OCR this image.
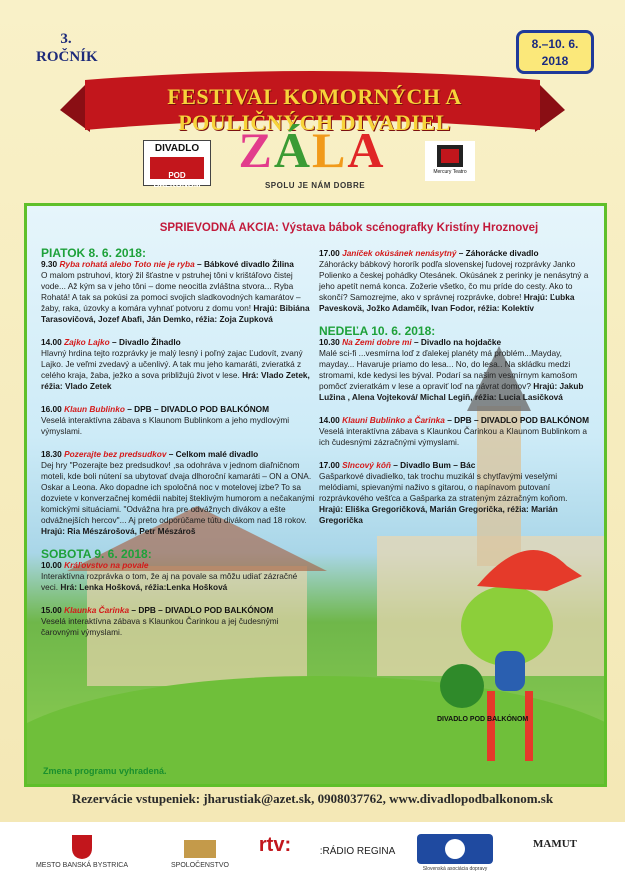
3. ROČNÍK
8.–10. 6.
2018
FESTIVAL KOMORNÝCH A POULIČNÝCH DIVADIEL
DIVADLO
POD BALKÓNOM
ZÁLA
SPOLU JE NÁM DOBRE
Mercury Teatro
DIVADLO POD BALKÓNOM
SPRIEVODNÁ AKCIA: Výstava bábok scénografky Kristíny Hroznovej
PIATOK 8. 6. 2018:
9.30 Ryba rohatá alebo Toto nie je ryba – Bábkové divadlo Žilina
O malom pstruhovi, ktorý žil šťastne v pstruhej tôni v krištáľovo čistej vode... Až kým sa v jeho tôni – dome neocitla zvláštna stvora... Ryba Rohatá! A tak sa pokúsi za pomoci svojich sladkovodných kamarátov – žaby, raka, úzovky a komára vyhnať potvoru z domu von! Hrajú: Bibiána Tarasovičová, Jozef Abafi, Ján Demko, réžia: Zoja Zupková
14.00 Zajko Lajko – Divadlo Žihadlo
Hlavný hrdina tejto rozprávky je malý lesný i poľný zajac Ľudovít, zvaný Lajko. Je veľmi zvedavý a učenlivý. A tak mu jeho kamaráti, zvieratká z celého kraja, žaba, ježko a sova približujú život v lese. Hrá: Vlado Zetek, réžia: Vlado Zetek
16.00 Klaun Bublinko – DPB – DIVADLO POD BALKÓNOM
Veselá interaktívna zábava s Klaunom Bublinkom a jeho mydlovými výmyslami.
18.30 Pozerajte bez predsudkov – Celkom malé divadlo
Dej hry "Pozerajte bez predsudkov! ,sa odohráva v jednom diaľničnom moteli, kde boli nútení sa ubytovať dvaja dlhoroční kamaráti – ON a ONA. Oskar a Leona. Ako dopadne ich spoločná noc v motelovej izbe? To sa dozviete v konverzačnej komédii nabitej šteklivým humorom a nečakanými komickými situáciami. "Odvážna hra pre odvážnych divákov a ešte odvážnejších hercov"... Aj preto odporúčame tútu divákom nad 18 rokov. Hrajú: Ria Mészárošová, Petr Mészároš
SOBOTA 9. 6. 2018:
10.00 Kráľovstvo na povale
Interaktívna rozprávka o tom, že aj na povale sa môžu udiať zázračné veci. Hrá: Lenka Hošková, réžia:Lenka Hošková
15.00 Klaunka Čarinka – DPB – DIVADLO POD BALKÓNOM
Veselá interaktívna zábava s Klaunkou Čarinkou a jej čudesnými čarovnými výmyslami.
17.00 Janíček okúsánek nenásytný – Záhorácke divadlo
Záhorácky bábkový hororík podľa slovenskej ľudovej rozprávky Janko Polienko a českej pohádky Otesánek. Okúsánek z perinky je nenásytný a jeho apetít nemá konca. Zožerie všetko, čo mu príde do cesty. Ako to skončí? Samozrejme, ako v správnej rozprávke, dobre! Hrajú: Ľubka Paveskovä, Jožko Adamčík, Ivan Fodor, réžia: Kolektív
NEDEĽA 10. 6. 2018:
10.30 Na Zemi dobre mi – Divadlo na hojdačke
Malé sci-fi ...vesmírna loď z ďalekej planéty má problém...Mayday, mayday... Havaruje priamo do lesa... No, do lesa.. Na skládku medzi stromami, kde kedysi les býval. Podarí sa našim vesmírnym kamošom pomôcť zvieratkám v lese a opraviť loď na návrat domov? Hrajú: Jakub Lužina , Alena Vojteková/ Michal Legiň, réžia: Lucia Lasičková
14.00 Klauni Bublinko a Čarinka – DPB – DIVADLO POD BALKÓNOM
Veselá interaktívna zábava s Klaunkou Čarinkou a Klaunom Bublinkom a ich čudesnými zázračnými výmyslami.
17.00 Slncový kôň – Divadlo Bum – Bác
Gašparkové divadielko, tak trochu muzikál s chytľavými veselými melódiami, spievanými naživo s gitarou, o napínavom putovaní rozprávkového vešťca a Gašparka za strateným zázračným koňom. Hrajú: Eliška Gregoričková, Marián Gregorička, réžia: Marián Gregorička
Zmena programu vyhradená.
Rezervácie vstupeniek: jharustiak@azet.sk, 0908037762, www.divadlopodbalkonom.sk
MESTO BANSKÁ BYSTRICA	SPOLOČENSTVO
rtv:	:RÁDIO REGINA
Slovenská asociácia dopravy
MAMUT
